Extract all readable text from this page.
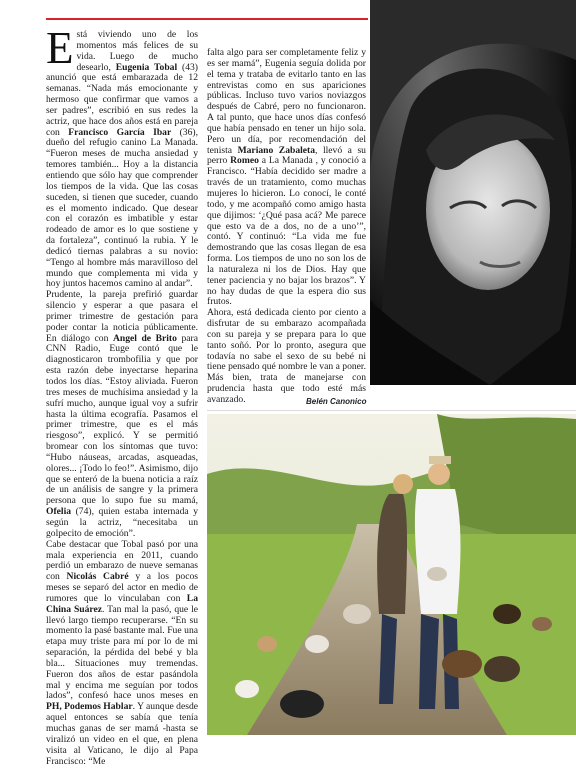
E stá viviendo uno de los momentos más felices de su vida. Luego de mucho desearlo, Eugenia Tobal (43) anunció que está embarazada de 12 semanas. “Nada más emocionante y hermoso que confirmar que vamos a ser padres”, escribió en sus redes la actriz, que hace dos años está en pareja con Francisco García Ibar (36), dueño del refugio canino La Manada. “Fueron meses de mucha ansiedad y temores también... Hoy a la distancia entiendo que sólo hay que comprender los tiempos de la vida. Que las cosas suceden, si tienen que suceder, cuando es el momento indicado. Que desear con el corazón es imbatible y estar rodeado de amor es lo que sostiene y da fortaleza”, continuó la rubia. Y le dedicó tiernas palabras a su novio: “Tengo al hombre más maravilloso del mundo que complementa mi vida y hoy juntos hacemos camino al andar”.
Prudente, la pareja prefirió guardar silencio y esperar a que pasara el primer trimestre de gestación para poder contar la noticia públicamente. En diálogo con Angel de Brito para CNN Radio, Euge contó que le diagnosticaron trombofilia y que por esta razón debe inyectarse heparina todos los días. “Estoy aliviada. Fueron tres meses de muchísima ansiedad y la sufrí mucho, aunque igual voy a sufrir hasta la última ecografía. Pasamos el primer trimestre, que es el más riesgoso”, explicó. Y se permitió bromear con los síntomas que tuvo: “Hubo náuseas, arcadas, asqueadas, olores... ¡Todo lo feo!”. Asimismo, dijo que se enteró de la buena noticia a raíz de un análisis de sangre y la primera persona que lo supo fue su mamá, Ofelia (74), quien estaba internada y según la actriz, “necesitaba un golpecito de emoción”.
Cabe destacar que Tobal pasó por una mala experiencia en 2011, cuando perdió un embarazo de nueve semanas con Nicolás Cabré y a los pocos meses se separó del actor en medio de rumores que lo vinculaban con La China Suárez. Tan mal la pasó, que le llevó largo tiempo recuperarse. “En su momento la pasé bastante mal. Fue una etapa muy triste para mí por lo de mi separación, la pérdida del bebé y bla bla... Situaciones muy tremendas. Fueron dos años de estar pasándola mal y encima me seguían por todos lados”, confesó hace unos meses en PH, Podemos Hablar. Y aunque desde aquel entonces se sabía que tenía muchas ganas de ser mamá -hasta se viralizó un video en el que, en plena visita al Vaticano, le dijo al Papa Francisco: “Me

falta algo para ser completamente feliz y es ser mamá”, Eugenia seguía dolida por el tema y trataba de evitarlo tanto en las entrevistas como en sus apariciones públicas. Incluso tuvo varios noviazgos después de Cabré, pero no funcionaron. A tal punto, que hace unos días confesó que había pensado en tener un hijo sola. Pero un día, por recomendación del tenista Mariano Zabaleta, llevó a su perro Romeo a La Manada , y conoció a Francisco. “Había decidido ser madre a través de un tratamiento, como muchas mujeres lo hicieron. Lo conocí, le conté todo, y me acompañó como amigo hasta que dijimos: ‘¿Qué pasa acá? Me parece que esto va de a dos, no de a uno’”, contó. Y continuó: “La vida me fue demostrando que las cosas llegan de esa forma. Los tiempos de uno no son los de la naturaleza ni los de Dios. Hay que tener paciencia y no bajar los brazos”. Y no hay dudas de que la espera dio sus frutos.
Ahora, está dedicada ciento por ciento a disfrutar de su embarazo acompañada con su pareja y se prepara para lo que tanto soñó. Por lo pronto, asegura que todavía no sabe el sexo de su bebé ni tiene pensado qué nombre le van a poner. Más bien, trata de manejarse con prudencia hasta que todo esté más avanzado.	Belén Canonico
